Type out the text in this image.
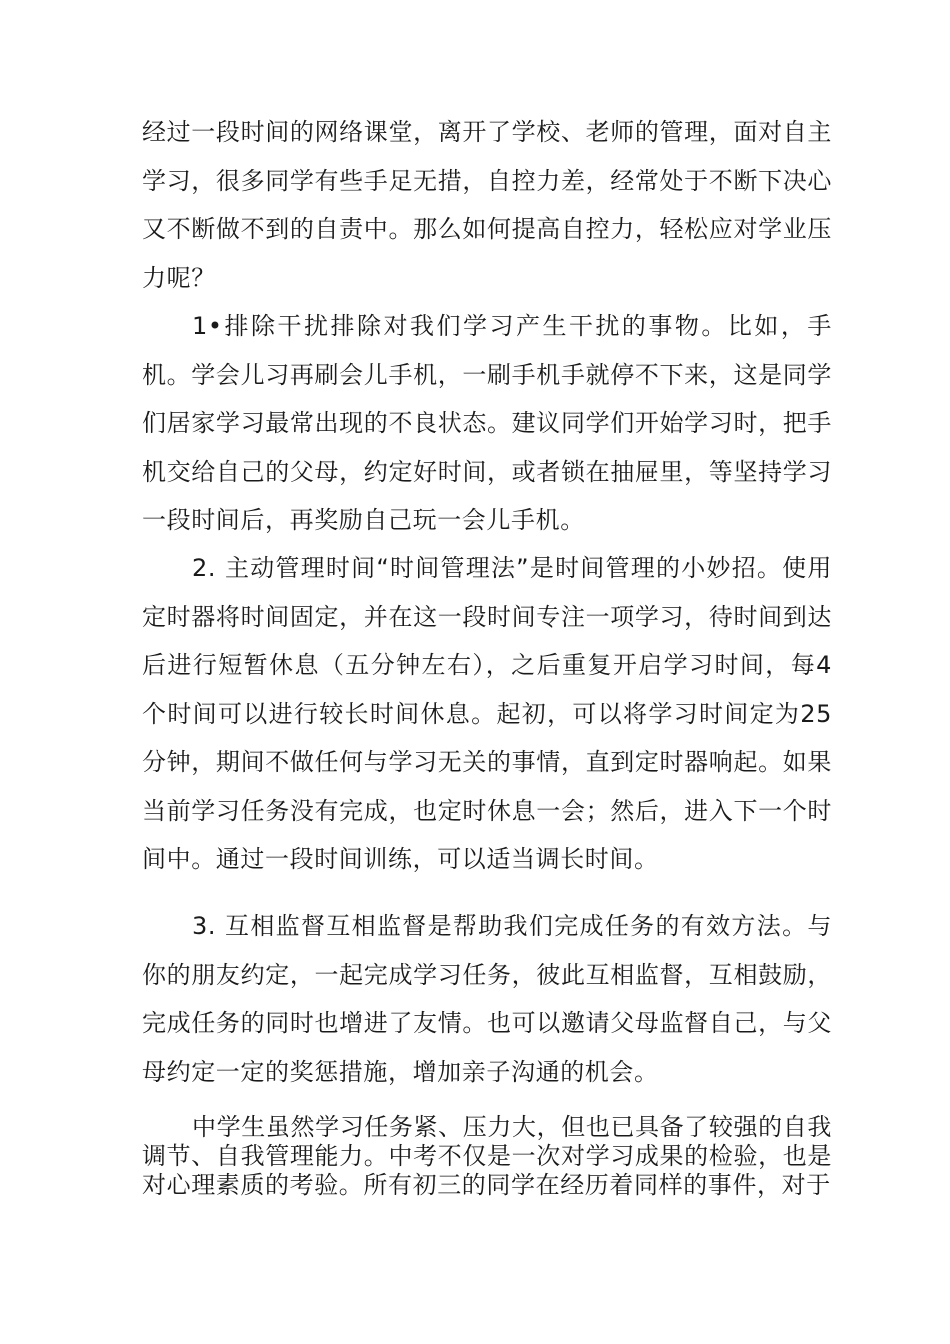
经过一段时间的网络课堂，离开了学校、老师的管理，面对自主学习，很多同学有些手足无措，自控力差，经常处于不断下决心又不断做不到的自责中。那么如何提高自控力，轻松应对学业压力呢？

1•排除干扰排除对我们学习产生干扰的事物。比如，手机。学会儿习再刷会儿手机，一刷手机手就停不下来，这是同学们居家学习最常出现的不良状态。建议同学们开始学习时，把手机交给自己的父母，约定好时间，或者锁在抽屉里，等坚持学习一段时间后，再奖励自己玩一会儿手机。

2. 主动管理时间“时间管理法”是时间管理的小妙招。使用定时器将时间固定，并在这一段时间专注一项学习，待时间到达后进行短暂休息（五分钟左右），之后重复开启学习时间，每4个时间可以进行较长时间休息。起初，可以将学习时间定为25分钟，期间不做任何与学习无关的事情，直到定时器响起。如果当前学习任务没有完成，也定时休息一会；然后，进入下一个时间中。通过一段时间训练，可以适当调长时间。

3. 互相监督互相监督是帮助我们完成任务的有效方法。与你的朋友约定，一起完成学习任务，彼此互相监督，互相鼓励，完成任务的同时也增进了友情。也可以邀请父母监督自己，与父母约定一定的奖惩措施，增加亲子沟通的机会。

中学生虽然学习任务紧、压力大，但也已具备了较强的自我调节、自我管理能力。中考不仅是一次对学习成果的检验，也是对心理素质的考验。所有初三的同学在经历着同样的事件，对于
